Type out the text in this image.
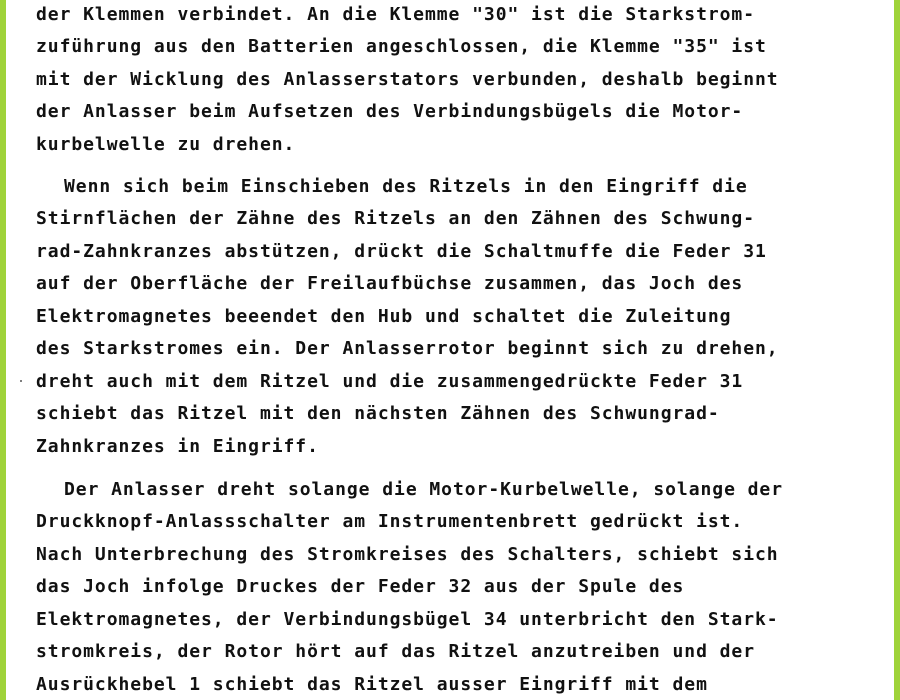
der Klemmen verbindet. An die Klemme "30" ist die Starkstrom-
zuführung aus den Batterien angeschlossen, die Klemme "35" ist
mit der Wicklung des Anlasserstators verbunden, deshalb beginnt
der Anlasser beim Aufsetzen des Verbindungsbügels die Motor-
kurbelwelle zu drehen.
Wenn sich beim Einschieben des Ritzels in den Eingriff die
Stirnflächen der Zähne des Ritzels an den Zähnen des Schwung-
rad-Zahnkranzes abstützen, drückt die Schaltmuffe die Feder 31
auf der Oberfläche der Freilaufbüchse zusammen, das Joch des
Elektromagnetes beeendet den Hub und schaltet die Zuleitung
des Starkstromes ein. Der Anlasserrotor beginnt sich zu drehen,
dreht auch mit dem Ritzel und die zusammengedrückte Feder 31
schiebt das Ritzel mit den nächsten Zähnen des Schwungrad-
Zahnkranzes in Eingriff.
Der Anlasser dreht solange die Motor-Kurbelwelle, solange der
Druckknopf-Anlassschalter am Instrumentenbrett gedrückt ist.
Nach Unterbrechung des Stromkreises des Schalters, schiebt sich
das Joch infolge Druckes der Feder 32 aus der Spule des
Elektromagnetes, der Verbindungsbügel 34 unterbricht den Stark-
stromkreis, der Rotor hört auf das Ritzel anzutreiben und der
Ausrückhebel 1 schiebt das Ritzel ausser Eingriff mit dem
